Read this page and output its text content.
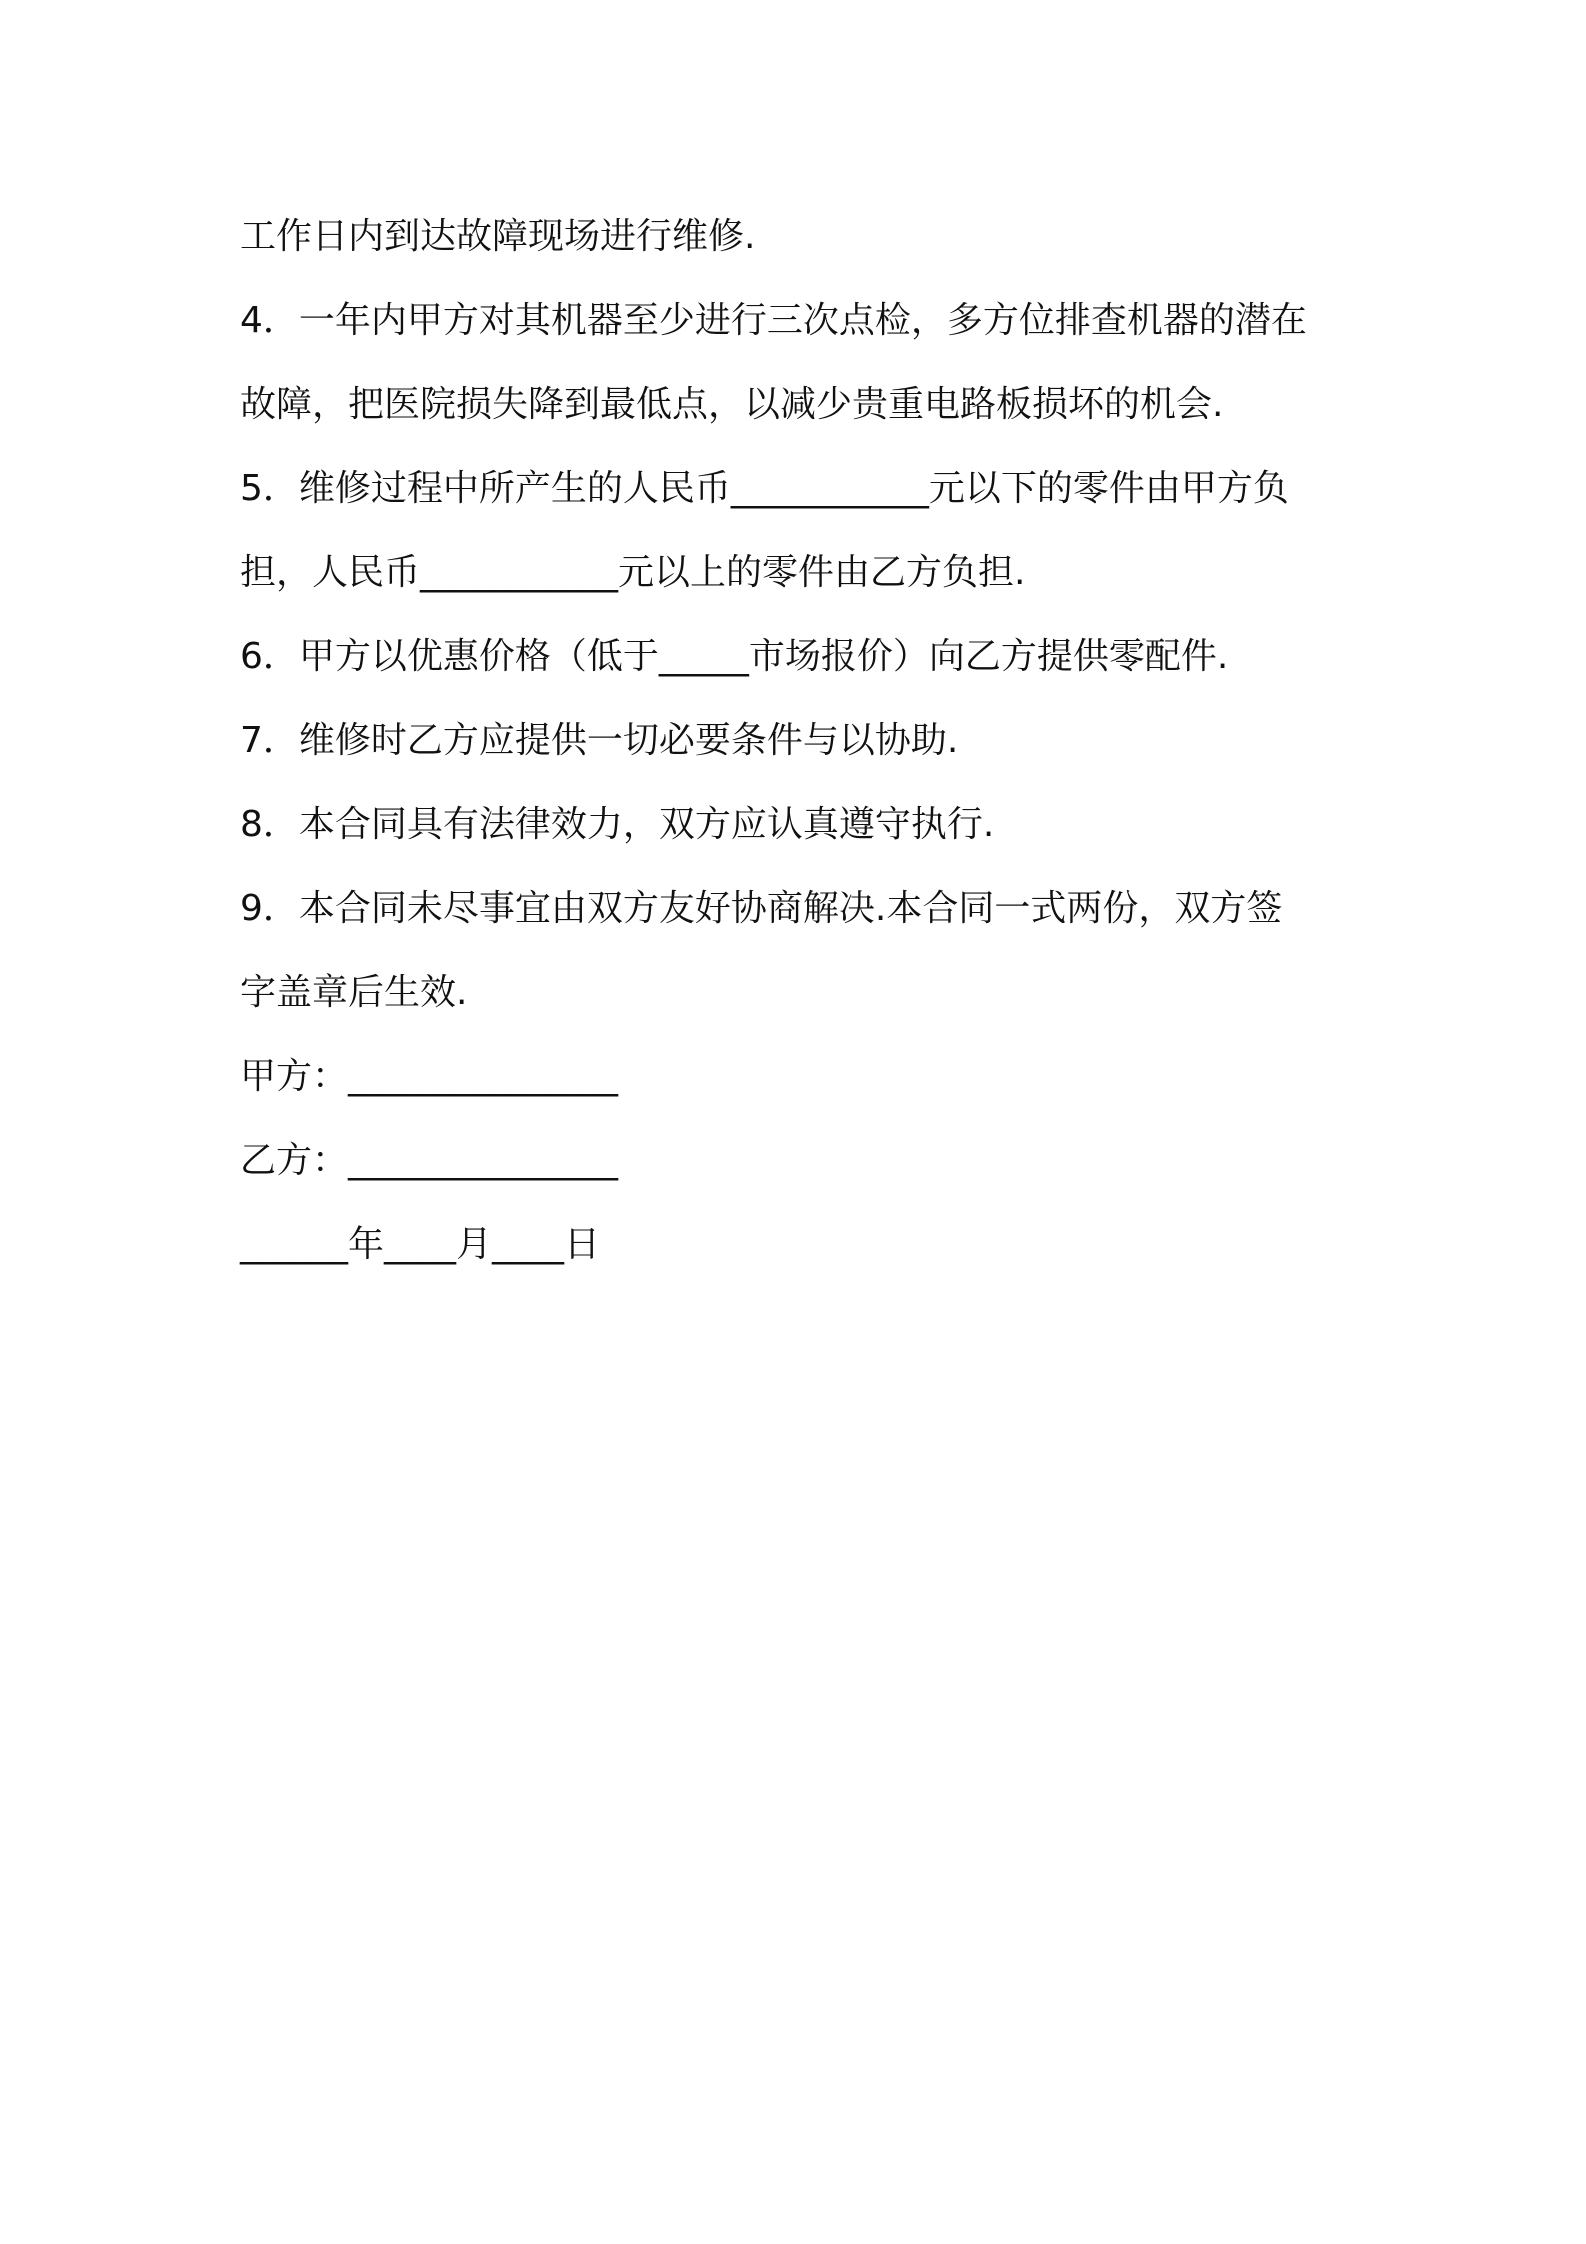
工作日内到达故障现场进行维修.
4．一年内甲方对其机器至少进行三次点检，多方位排查机器的潜在
故障，把医院损失降到最低点，以减少贵重电路板损坏的机会.
5．维修过程中所产生的人民币___________元以下的零件由甲方负
担，人民币___________元以上的零件由乙方负担.
6．甲方以优惠价格（低于_____市场报价）向乙方提供零配件.
7．维修时乙方应提供一切必要条件与以协助.
8．本合同具有法律效力，双方应认真遵守执行.
9．本合同未尽事宜由双方友好协商解决.本合同一式两份，双方签
字盖章后生效.
甲方：_______________
乙方：_______________
______年____月____日
